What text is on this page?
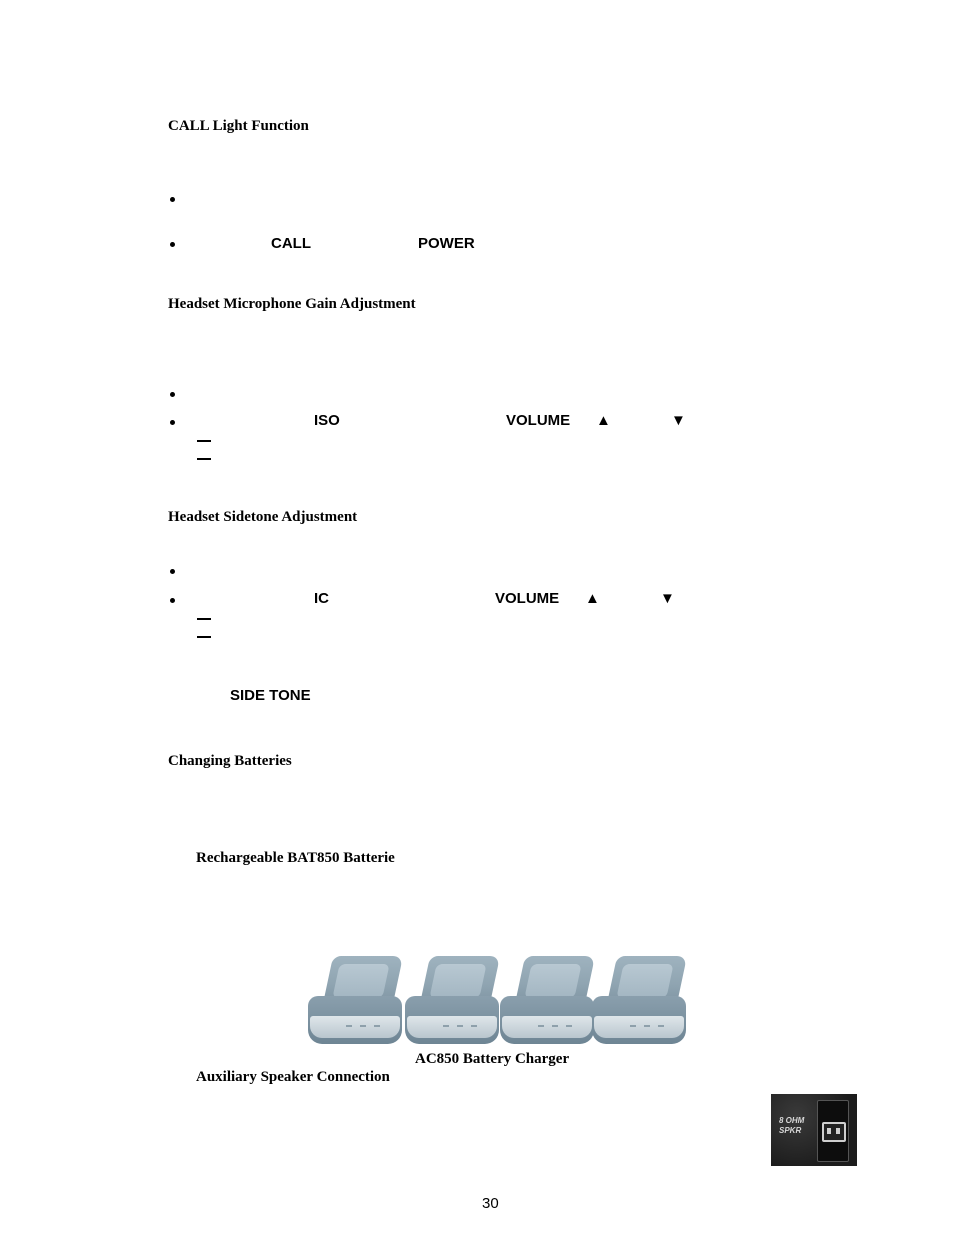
CALL Light Function
CALL	POWER
Headset Microphone Gain Adjustment
ISO	VOLUME ▲	▼
Headset Sidetone Adjustment
IC	VOLUME ▲	▼
SIDE TONE
Changing Batteries
Rechargeable BAT850 Batterie
AC850 Battery Charger
Auxiliary Speaker Connection
8 OHM
SPKR
30
